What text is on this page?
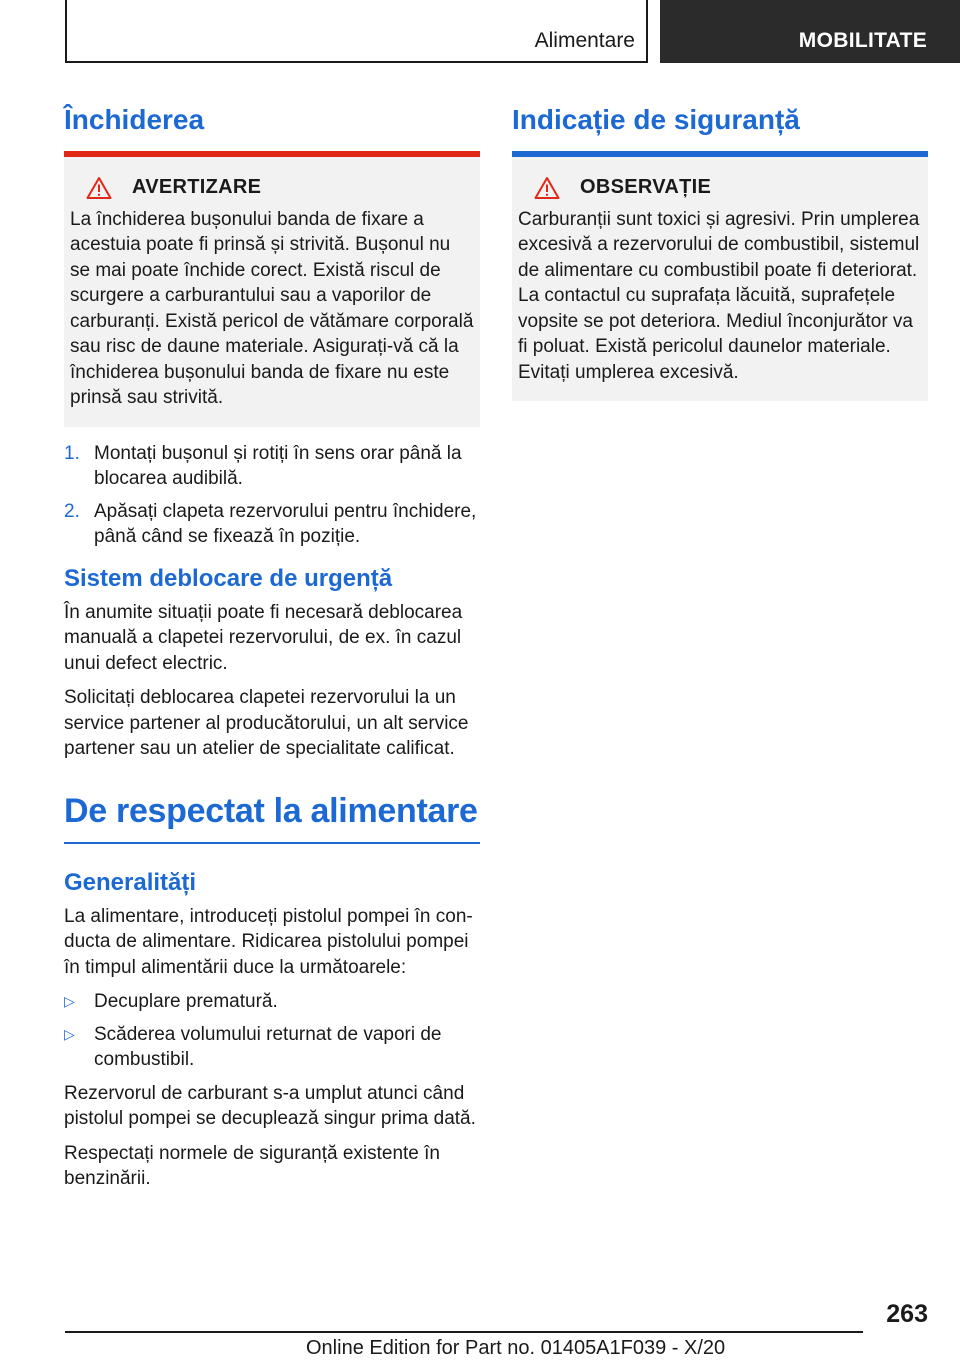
Alimentare	MOBILITATE
Închiderea
AVERTIZARE

La închiderea bușonului banda de fixare a acestuia poate fi prinsă și strivită. Bușonul nu se mai poate închide corect. Există riscul de scurgere a carburantului sau a vaporilor de carburanți. Există pericol de vătămare corporală sau risc de daune materiale. Asigurați-vă că la închiderea bușonului banda de fixare nu este prinsă sau strivită.

1. Montați bușonul și rotiți în sens orar până la blocarea audibilă.
2. Apăsați clapeta rezervorului pentru închidere, până când se fixează în poziție.
Sistem deblocare de urgență

În anumite situații poate fi necesară deblocarea manuală a clapetei rezervorului, de ex. în cazul unui defect electric.

Solicitați deblocarea clapetei rezervorului la un service partener al producătorului, un alt service partener sau un atelier de specialitate calificat.

De respectat la alimentare
Generalități

La alimentare, introduceți pistolul pompei în conducta de alimentare. Ridicarea pistolului pompei în timpul alimentării duce la următoarele:

▷ Decuplare prematură.
▷ Scăderea volumului returnat de vapori de combustibil.

Rezervorul de carburant s-a umplut atunci când pistolul pompei se decuplează singur prima dată.

Respectați normele de siguranță existente în benzinării.

Indicație de siguranță
OBSERVAȚIE

Carburanții sunt toxici și agresivi. Prin umplerea excesivă a rezervorului de combustibil, sistemul de alimentare cu combustibil poate fi deteriorat. La contactul cu suprafața lăcuită, suprafețele vopsite se pot deteriora. Mediul înconjurător va fi poluat. Există pericolul daunelor materiale. Evitați umplerea excesivă.

263
Online Edition for Part no. 01405A1F039 - X/20
